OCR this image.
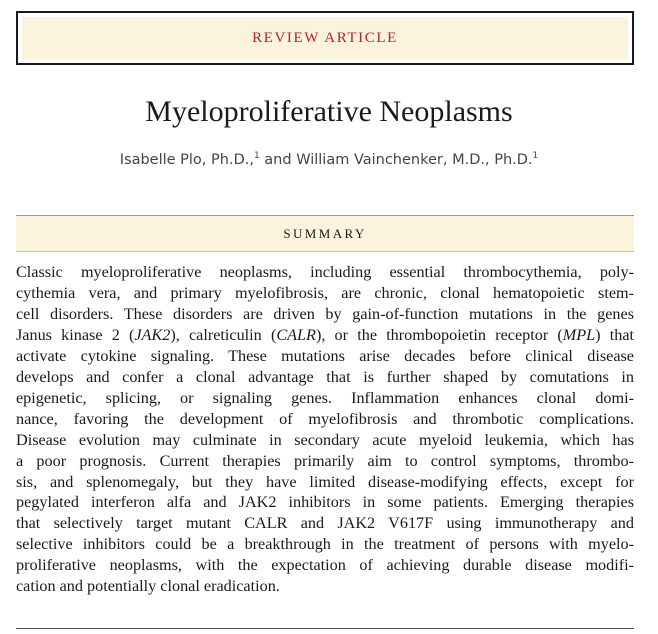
REVIEW ARTICLE
Myeloproliferative Neoplasms
Isabelle Plo, Ph.D.,$^1$ and William Vainchenker, M.D., Ph.D.$^1$
SUMMARY
Classic myeloproliferative neoplasms, including essential thrombocythemia, poly-
cythemia vera, and primary myelofibrosis, are chronic, clonal hematopoietic stem-
cell disorders. These disorders are driven by gain-of-function mutations in the genes
Janus kinase 2 (JAK2), calreticulin (CALR), or the thrombopoietin receptor (MPL) that
activate cytokine signaling. These mutations arise decades before clinical disease
develops and confer a clonal advantage that is further shaped by comutations in
epigenetic, splicing, or signaling genes. Inflammation enhances clonal domi-
nance, favoring the development of myelofibrosis and thrombotic complications.
Disease evolution may culminate in secondary acute myeloid leukemia, which has
a poor prognosis. Current therapies primarily aim to control symptoms, thrombo-
sis, and splenomegaly, but they have limited disease-modifying effects, except for
pegylated interferon alfa and JAK2 inhibitors in some patients. Emerging therapies
that selectively target mutant CALR and JAK2 V617F using immunotherapy and
selective inhibitors could be a breakthrough in the treatment of persons with myelo-
proliferative neoplasms, with the expectation of achieving durable disease modifi-
cation and potentially clonal eradication.
